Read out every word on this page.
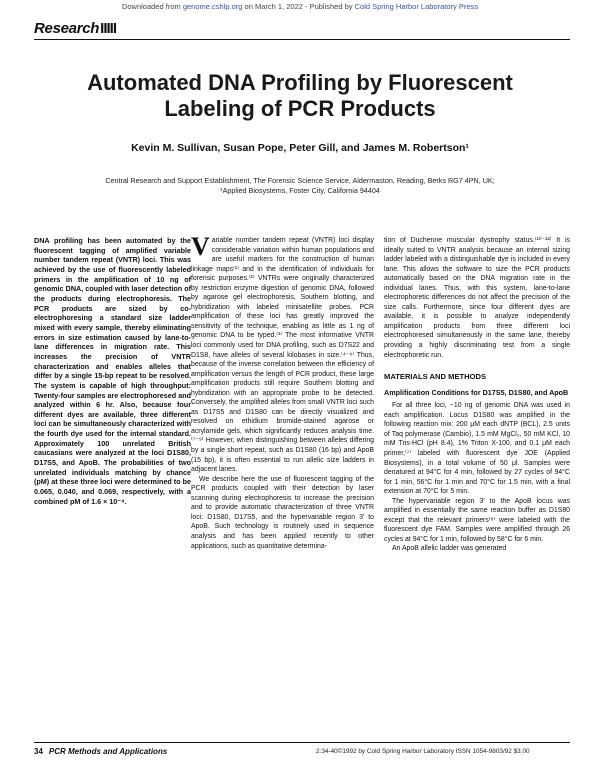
Downloaded from genome.cshlp.org on March 1, 2022 - Published by Cold Spring Harbor Laboratory Press
ResearchIIIII
Automated DNA Profiling by Fluorescent
Labeling of PCR Products
Kevin M. Sullivan, Susan Pope, Peter Gill, and James M. Robertson¹
Central Research and Support Establishment, The Forensic Science Service, Aldermaston, Reading, Berks RG7 4PN, UK;
¹Applied Biosystems, Foster City, California 94404
DNA profiling has been automated by the fluorescent tagging of amplified variable number tandem repeat (VNTR) loci. This was achieved by the use of fluorescently labeled primers in the amplification of 10 ng of genomic DNA, coupled with laser detection of the products during electrophoresis. The PCR products are sized by co-electrophoresing a standard size ladder mixed with every sample, thereby eliminating errors in size estimation caused by lane-to-lane differences in migration rate. This increases the precision of VNTR characterization and enables alleles that differ by a single 15-bp repeat to be resolved. The system is capable of high throughput: Twenty-four samples are electrophoresed and analyzed within 6 hr. Also, because four different dyes are available, three different loci can be simultaneously characterized with the fourth dye used for the internal standard. Approximately 100 unrelated British caucasians were analyzed at the loci D1S80, D17S5, and ApoB. The probabilities of two unrelated individuals matching by chance (pM) at these three loci were determined to be 0.065, 0.040, and 0.069, respectively, with a combined pM of 1.6 × 10⁻⁴.

Variable number tandem repeat (VNTR) loci display considerable variation within human populations and are useful markers for the construction of human linkage maps⁽¹⁾ and in the identification of individuals for forensic purposes.⁽²⁾ VNTRs were originally characterized by restriction enzyme digestion of genomic DNA, followed by agarose gel electrophoresis, Southern blotting, and hybridization with labeled minisatellite probes. PCR amplification of these loci has greatly improved the sensitivity of the technique, enabling as little as 1 ng of genomic DNA to be typed.⁽³⁾ The most informative VNTR loci commonly used for DNA profiling, such as D7S22 and D1S8, have alleles of several kilobases in size.⁽⁴⁻⁶⁾ Thus, because of the inverse correlation between the efficiency of amplification versus the length of PCR product, these large amplification products still require Southern blotting and hybridization with an appropriate probe to be detected. Conversely, the amplified alleles from small VNTR loci such as D17S5 and D1S80 can be directly visualized and resolved on ethidium bromide-stained agarose or acrylamide gels, which significantly reduces analysis time.⁽⁷⁻⁹⁾ However, when distinguishing between alleles differing by a single short repeat, such as D1S80 (16 bp) and ApoB (15 bp), it is often essential to run allelic size ladders in adjacent lanes.

We describe here the use of fluorescent tagging of the PCR products coupled with their detection by laser scanning during electrophoresis to increase the precision and to provide automatic characterization of three VNTR loci: D1S80, D17S5, and the hypervariable region 3′ to ApoB. Such technology is routinely used in sequence analysis and has been applied recently to other applications, such as quantitative determina-

tion of Duchenne muscular dystrophy status.⁽¹⁰⁻¹²⁾ It is ideally suited to VNTR analysis because an internal sizing ladder labeled with a distinguishable dye is included in every lane. This allows the software to size the PCR products automatically based on the DNA migration rate in the individual lanes. Thus, with this system, lane-to-lane electrophoretic differences do not affect the precision of the size calls. Furthermore, since four different dyes are available, it is possible to analyze independently amplification products from three different loci electrophoresed simultaneously in the same lane, thereby providing a highly discriminating test from a single electrophoretic run.

MATERIALS AND METHODS
Amplification Conditions for D17S5, D1S80, and ApoB

For all three loci, ~10 ng of genomic DNA was used in each amplification. Locus D1S80 was amplified in the following reaction mix: 200 μM each dNTP (BCL), 2.5 units of Taq polymerase (Cambio), 1.5 mM MgCl₂, 50 mM KCl, 10 mM Tris-HCl (pH 8.4), 1% Triton X-100, and 0.1 μM each primer,⁽⁷⁾ labeled with fluorescent dye JOE (Applied Biosystems), in a total volume of 50 μl. Samples were denatured at 94°C for 4 min, followed by 27 cycles of 94°C for 1 min, 56°C for 1 min and 70°C for 1.5 min, with a final extension at 70°C for 5 min.

The hypervariable region 3′ to the ApoB locus was amplified in essentially the same reaction buffer as D1S80 except that the relevant primers⁽⁸⁾ were labeled with the fluorescent dye FAM. Samples were amplified through 26 cycles at 94°C for 1 min, followed by 58°C for 6 min.

An ApoB allelic ladder was generated

34 PCR Methods and Applications	2:34-40©1992 by Cold Spring Harbor Laboratory ISSN 1054-9803/92 $3.00
